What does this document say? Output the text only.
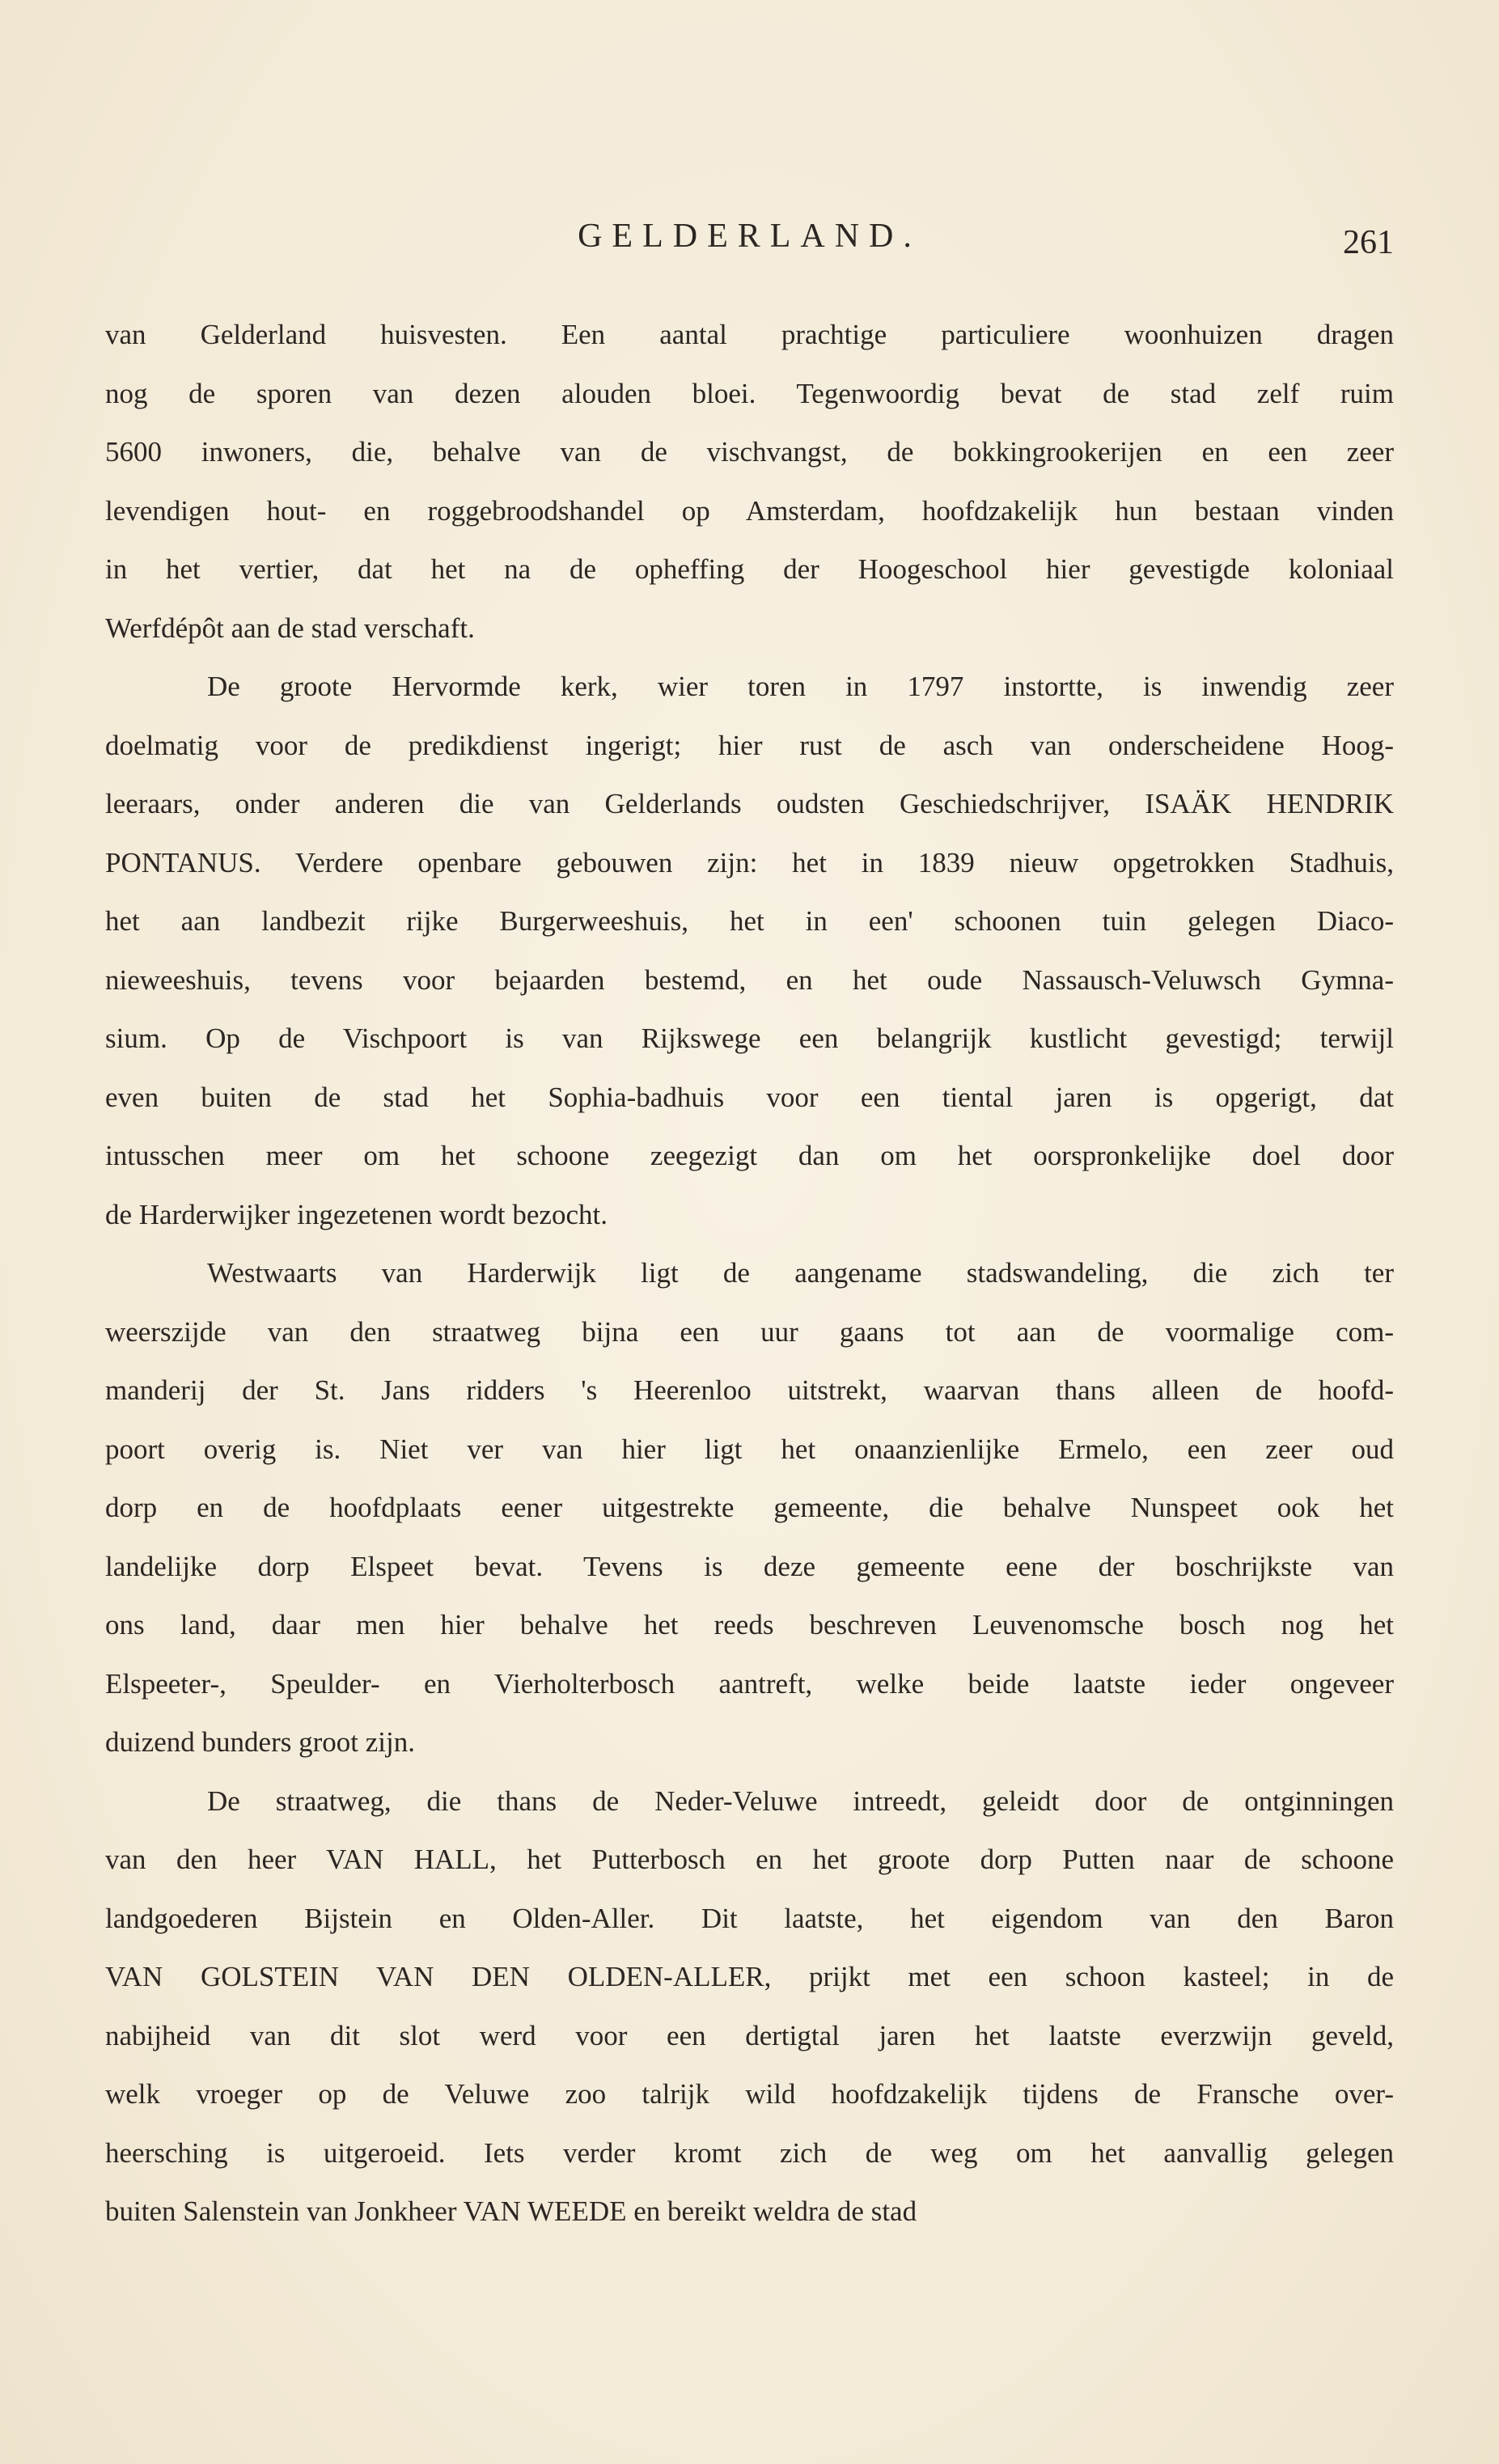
GELDERLAND.	261
van Gelderland huisvesten. Een aantal prachtige particuliere woonhuizen dragen
nog de sporen van dezen alouden bloei. Tegenwoordig bevat de stad zelf ruim
5600 inwoners, die, behalve van de vischvangst, de bokkingrookerijen en een zeer
levendigen hout- en roggebroodshandel op Amsterdam, hoofdzakelijk hun bestaan vinden
in het vertier, dat het na de opheffing der Hoogeschool hier gevestigde koloniaal
Werfdépôt aan de stad verschaft.
De groote Hervormde kerk, wier toren in 1797 instortte, is inwendig zeer
doelmatig voor de predikdienst ingerigt; hier rust de asch van onderscheidene Hoog-
leeraars, onder anderen die van Gelderlands oudsten Geschiedschrijver, ISAÄK HENDRIK
PONTANUS. Verdere openbare gebouwen zijn: het in 1839 nieuw opgetrokken Stadhuis,
het aan landbezit rijke Burgerweeshuis, het in een' schoonen tuin gelegen Diaco-
nieweeshuis, tevens voor bejaarden bestemd, en het oude Nassausch-Veluwsch Gymna-
sium. Op de Vischpoort is van Rijkswege een belangrijk kustlicht gevestigd; terwijl
even buiten de stad het Sophia-badhuis voor een tiental jaren is opgerigt, dat
intusschen meer om het schoone zeegezigt dan om het oorspronkelijke doel door
de Harderwijker ingezetenen wordt bezocht.
Westwaarts van Harderwijk ligt de aangename stadswandeling, die zich ter
weerszijde van den straatweg bijna een uur gaans tot aan de voormalige com-
manderij der St. Jans ridders 's Heerenloo uitstrekt, waarvan thans alleen de hoofd-
poort overig is. Niet ver van hier ligt het onaanzienlijke Ermelo, een zeer oud
dorp en de hoofdplaats eener uitgestrekte gemeente, die behalve Nunspeet ook het
landelijke dorp Elspeet bevat. Tevens is deze gemeente eene der boschrijkste van
ons land, daar men hier behalve het reeds beschreven Leuvenomsche bosch nog het
Elspeeter-, Speulder- en Vierholterbosch aantreft, welke beide laatste ieder ongeveer
duizend bunders groot zijn.
De straatweg, die thans de Neder-Veluwe intreedt, geleidt door de ontginningen
van den heer VAN HALL, het Putterbosch en het groote dorp Putten naar de schoone
landgoederen Bijstein en Olden-Aller. Dit laatste, het eigendom van den Baron
VAN GOLSTEIN VAN DEN OLDEN-ALLER, prijkt met een schoon kasteel; in de
nabijheid van dit slot werd voor een dertigtal jaren het laatste everzwijn geveld,
welk vroeger op de Veluwe zoo talrijk wild hoofdzakelijk tijdens de Fransche over-
heersching is uitgeroeid. Iets verder kromt zich de weg om het aanvallig gelegen
buiten Salenstein van Jonkheer VAN WEEDE en bereikt weldra de stad
